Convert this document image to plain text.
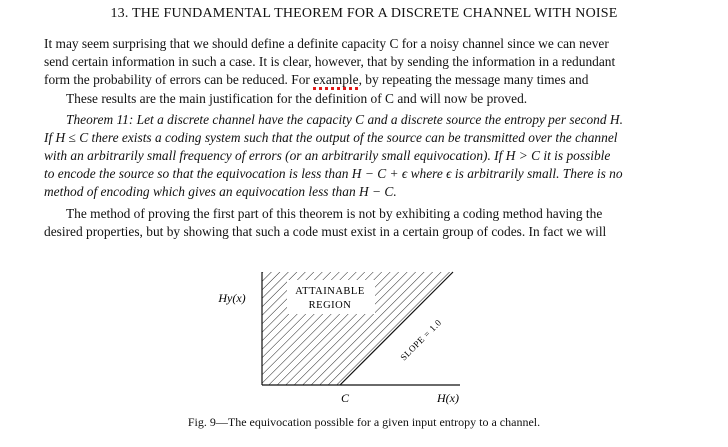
13. THE FUNDAMENTAL THEOREM FOR A DISCRETE CHANNEL WITH NOISE
It may seem surprising that we should define a definite capacity C for a noisy channel since we can never
send certain information in such a case. It is clear, however, that by sending the information in a redundant
form the probability of errors can be reduced. For example, by repeating the message many times and
These results are the main justification for the definition of C and will now be proved.
Theorem 11: Let a discrete channel have the capacity C and a discrete source the entropy per second H.
If H ≤ C there exists a coding system such that the output of the source can be transmitted over the channel
with an arbitrarily small frequency of errors (or an arbitrarily small equivocation). If H > C it is possible
to encode the source so that the equivocation is less than H − C + ϵ where ϵ is arbitrarily small. There is no
method of encoding which gives an equivocation less than H − C.
The method of proving the first part of this theorem is not by exhibiting a coding method having the
desired properties, but by showing that such a code must exist in a certain group of codes. In fact we will
ATTAINABLE
REGION
SLOPE = 1.0
Hy(x)
H(x)
C
Fig. 9—The equivocation possible for a given input entropy to a channel.
